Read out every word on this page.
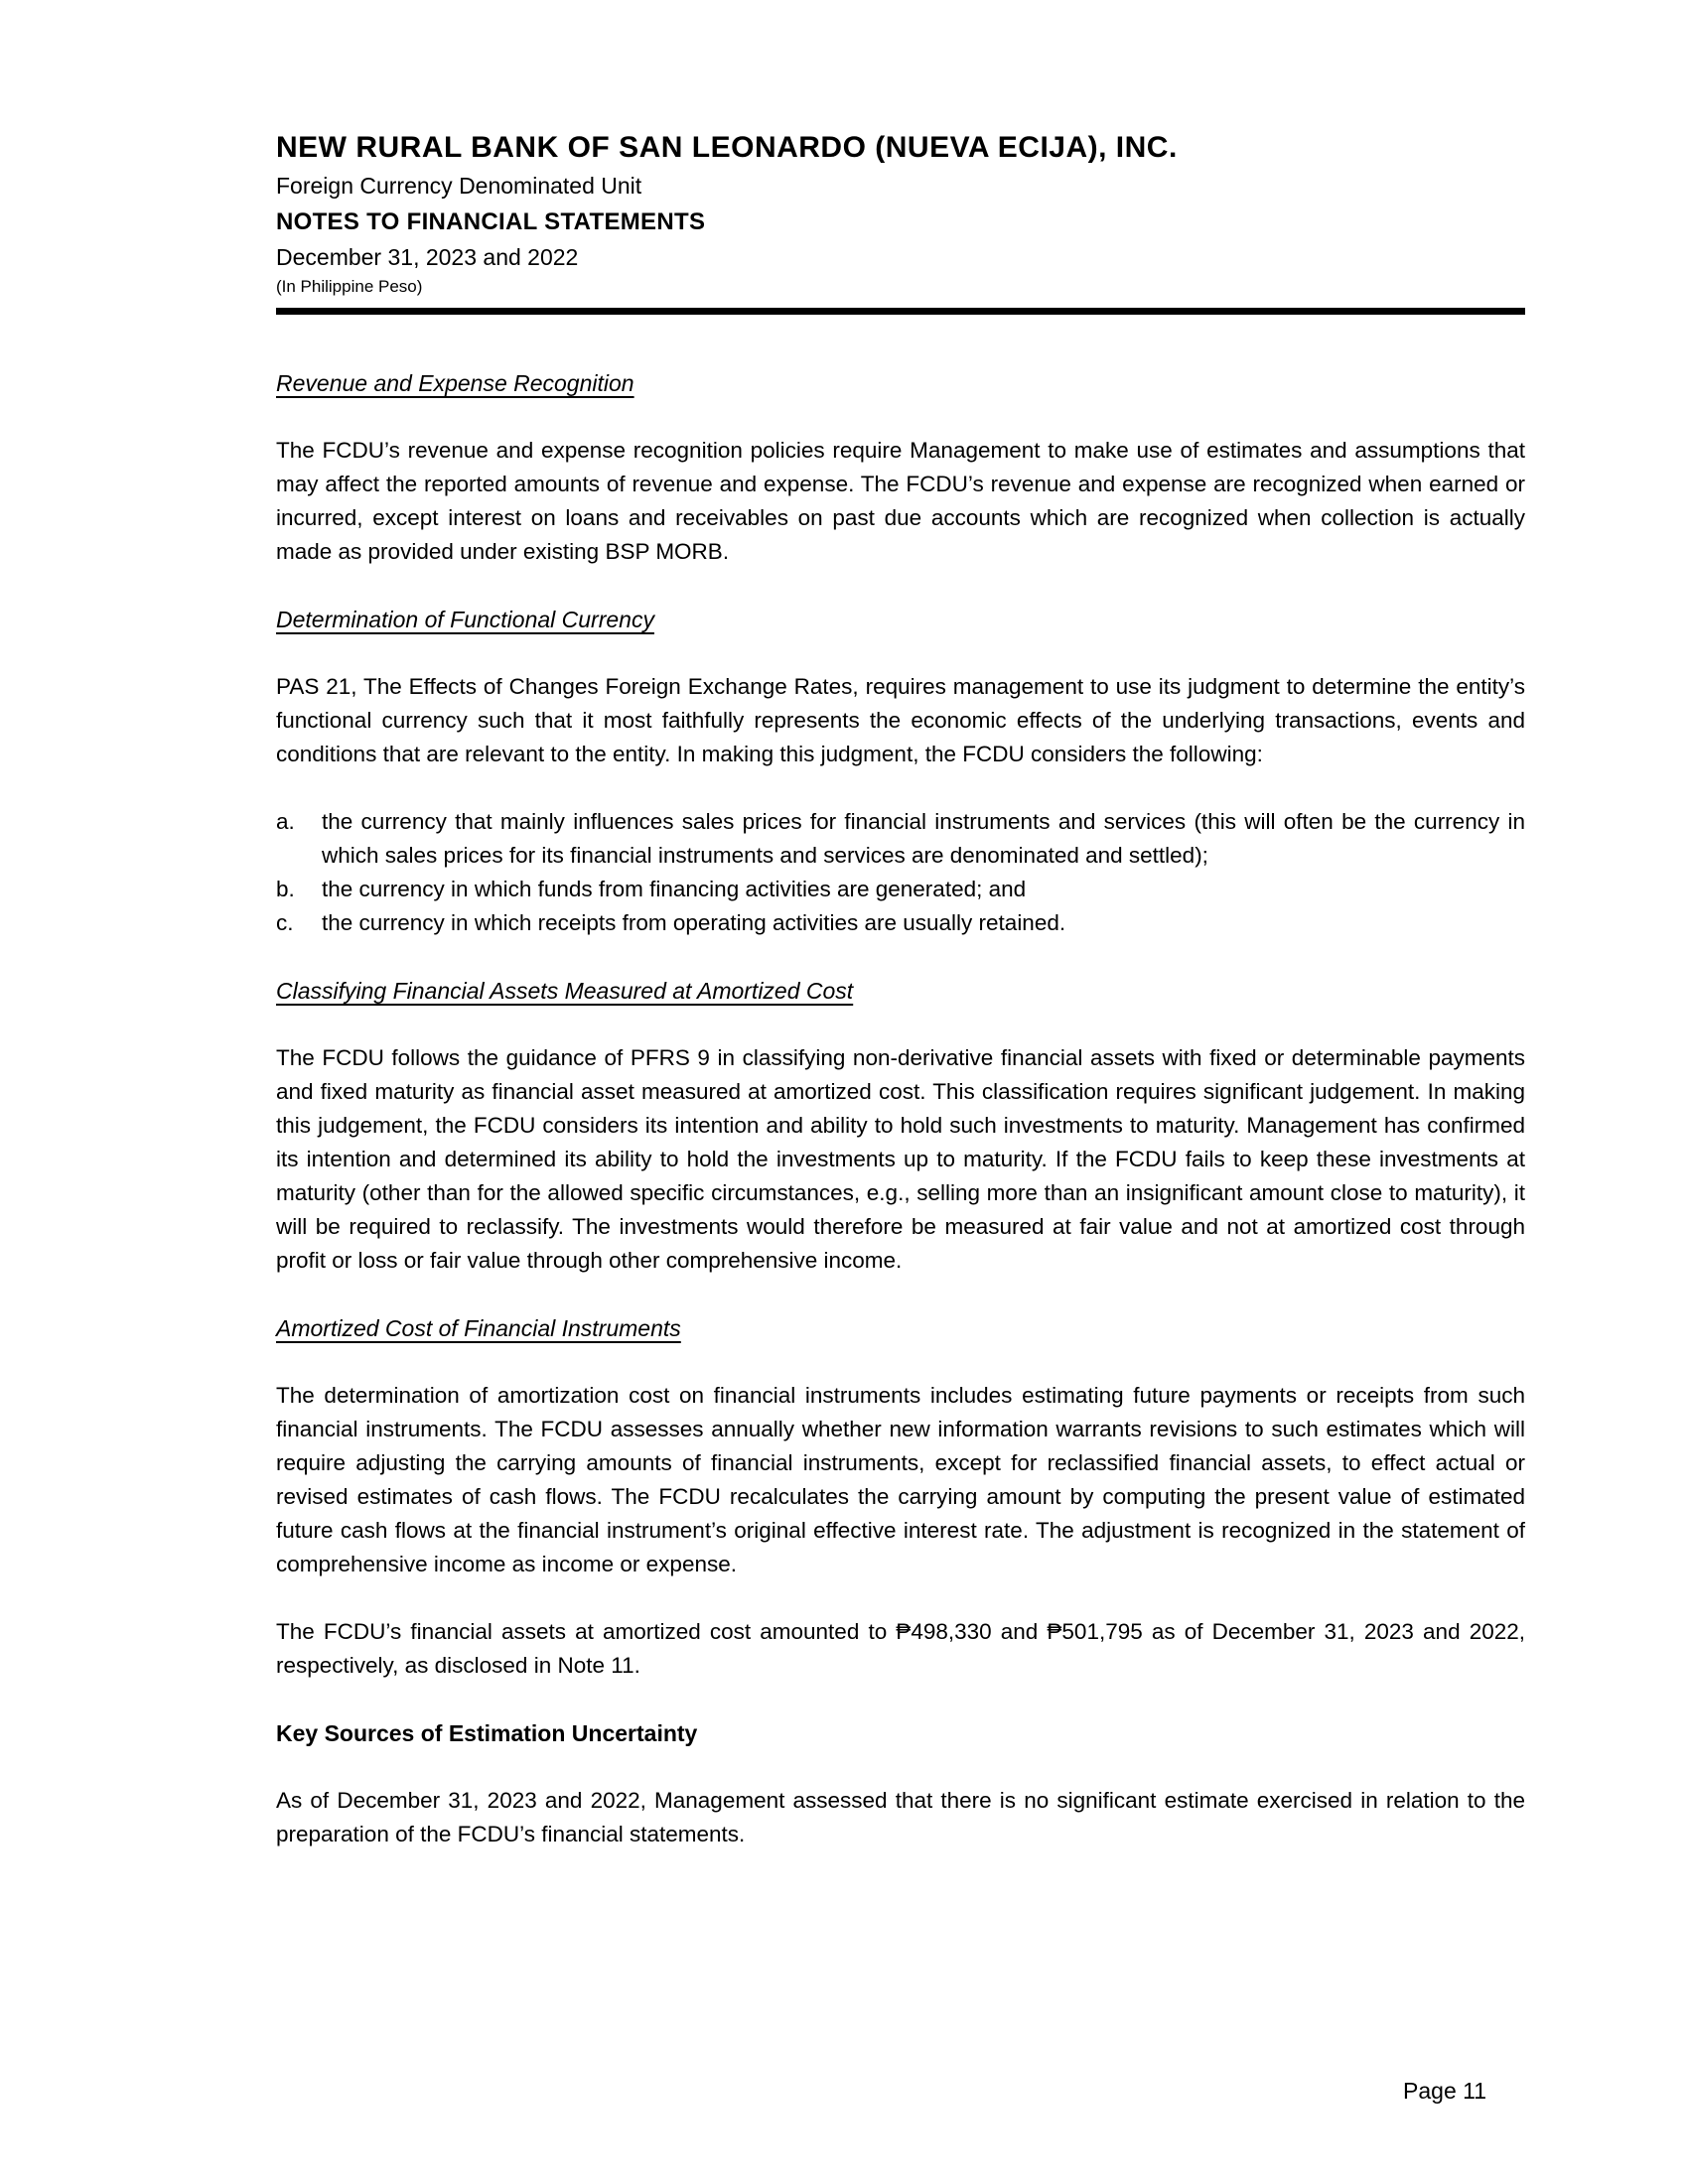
NEW RURAL BANK OF SAN LEONARDO (NUEVA ECIJA), INC.
Foreign Currency Denominated Unit
NOTES TO FINANCIAL STATEMENTS
December 31, 2023 and 2022
(In Philippine Peso)
Revenue and Expense Recognition

The FCDU’s revenue and expense recognition policies require Management to make use of estimates and assumptions that may affect the reported amounts of revenue and expense. The FCDU’s revenue and expense are recognized when earned or incurred, except interest on loans and receivables on past due accounts which are recognized when collection is actually made as provided under existing BSP MORB.

Determination of Functional Currency

PAS 21, The Effects of Changes Foreign Exchange Rates, requires management to use its judgment to determine the entity’s functional currency such that it most faithfully represents the economic effects of the underlying transactions, events and conditions that are relevant to the entity. In making this judgment, the FCDU considers the following:

a. the currency that mainly influences sales prices for financial instruments and services (this will often be the currency in which sales prices for its financial instruments and services are denominated and settled);
b. the currency in which funds from financing activities are generated; and
c. the currency in which receipts from operating activities are usually retained.
Classifying Financial Assets Measured at Amortized Cost

The FCDU follows the guidance of PFRS 9 in classifying non-derivative financial assets with fixed or determinable payments and fixed maturity as financial asset measured at amortized cost. This classification requires significant judgement. In making this judgement, the FCDU considers its intention and ability to hold such investments to maturity. Management has confirmed its intention and determined its ability to hold the investments up to maturity. If the FCDU fails to keep these investments at maturity (other than for the allowed specific circumstances, e.g., selling more than an insignificant amount close to maturity), it will be required to reclassify. The investments would therefore be measured at fair value and not at amortized cost through profit or loss or fair value through other comprehensive income.

Amortized Cost of Financial Instruments

The determination of amortization cost on financial instruments includes estimating future payments or receipts from such financial instruments. The FCDU assesses annually whether new information warrants revisions to such estimates which will require adjusting the carrying amounts of financial instruments, except for reclassified financial assets, to effect actual or revised estimates of cash flows. The FCDU recalculates the carrying amount by computing the present value of estimated future cash flows at the financial instrument’s original effective interest rate. The adjustment is recognized in the statement of comprehensive income as income or expense.

The FCDU’s financial assets at amortized cost amounted to ₱498,330 and ₱501,795 as of December 31, 2023 and 2022, respectively, as disclosed in Note 11.

Key Sources of Estimation Uncertainty

As of December 31, 2023 and 2022, Management assessed that there is no significant estimate exercised in relation to the preparation of the FCDU’s financial statements.

Page 11
